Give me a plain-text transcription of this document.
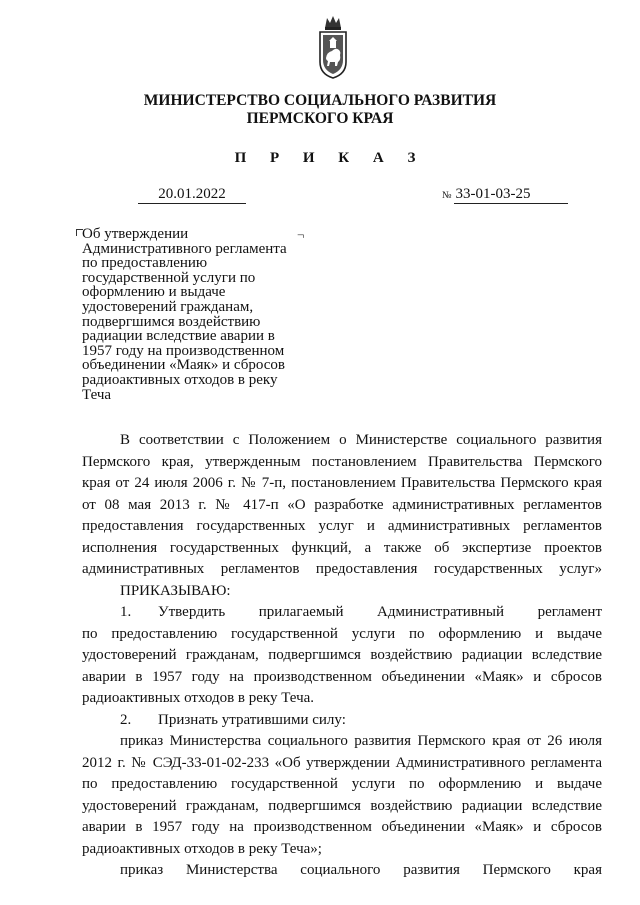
МИНИСТЕРСТВО СОЦИАЛЬНОГО РАЗВИТИЯ
ПЕРМСКОГО КРАЯ
П Р И К А З
20.01.2022	№ 33-01-03-25
¬
Об утверждении
Административного регламента
по предоставлению
государственной услуги по
оформлению и выдаче
удостоверений гражданам,
подвергшимся воздействию
радиации вследствие аварии в
1957 году на производственном
объединении «Маяк» и сбросов
радиоактивных отходов в реку
Теча
В соответствии с Положением о Министерстве социального развития
Пермского края, утвержденным постановлением Правительства Пермского
края от 24 июля 2006 г. № 7-п, постановлением Правительства Пермского края
от 08 мая 2013 г. № 417-п «О разработке административных регламентов
предоставления государственных услуг и административных регламентов
исполнения государственных функций, а также об экспертизе проектов
административных регламентов предоставления государственных услуг»
ПРИКАЗЫВАЮ:
1. Утвердить прилагаемый Административный регламент
по предоставлению государственной услуги по оформлению и выдаче
удостоверений гражданам, подвергшимся воздействию радиации вследствие
аварии в 1957 году на производственном объединении «Маяк» и сбросов
радиоактивных отходов в реку Теча.
2. Признать утратившими силу:
приказ Министерства социального развития Пермского края от 26 июля
2012 г. № СЭД-33-01-02-233 «Об утверждении Административного регламента
по предоставлению государственной услуги по оформлению и выдаче
удостоверений гражданам, подвергшимся воздействию радиации вследствие
аварии в 1957 году на производственном объединении «Маяк» и сбросов
радиоактивных отходов в реку Теча»;
приказ Министерства социального развития Пермского края
